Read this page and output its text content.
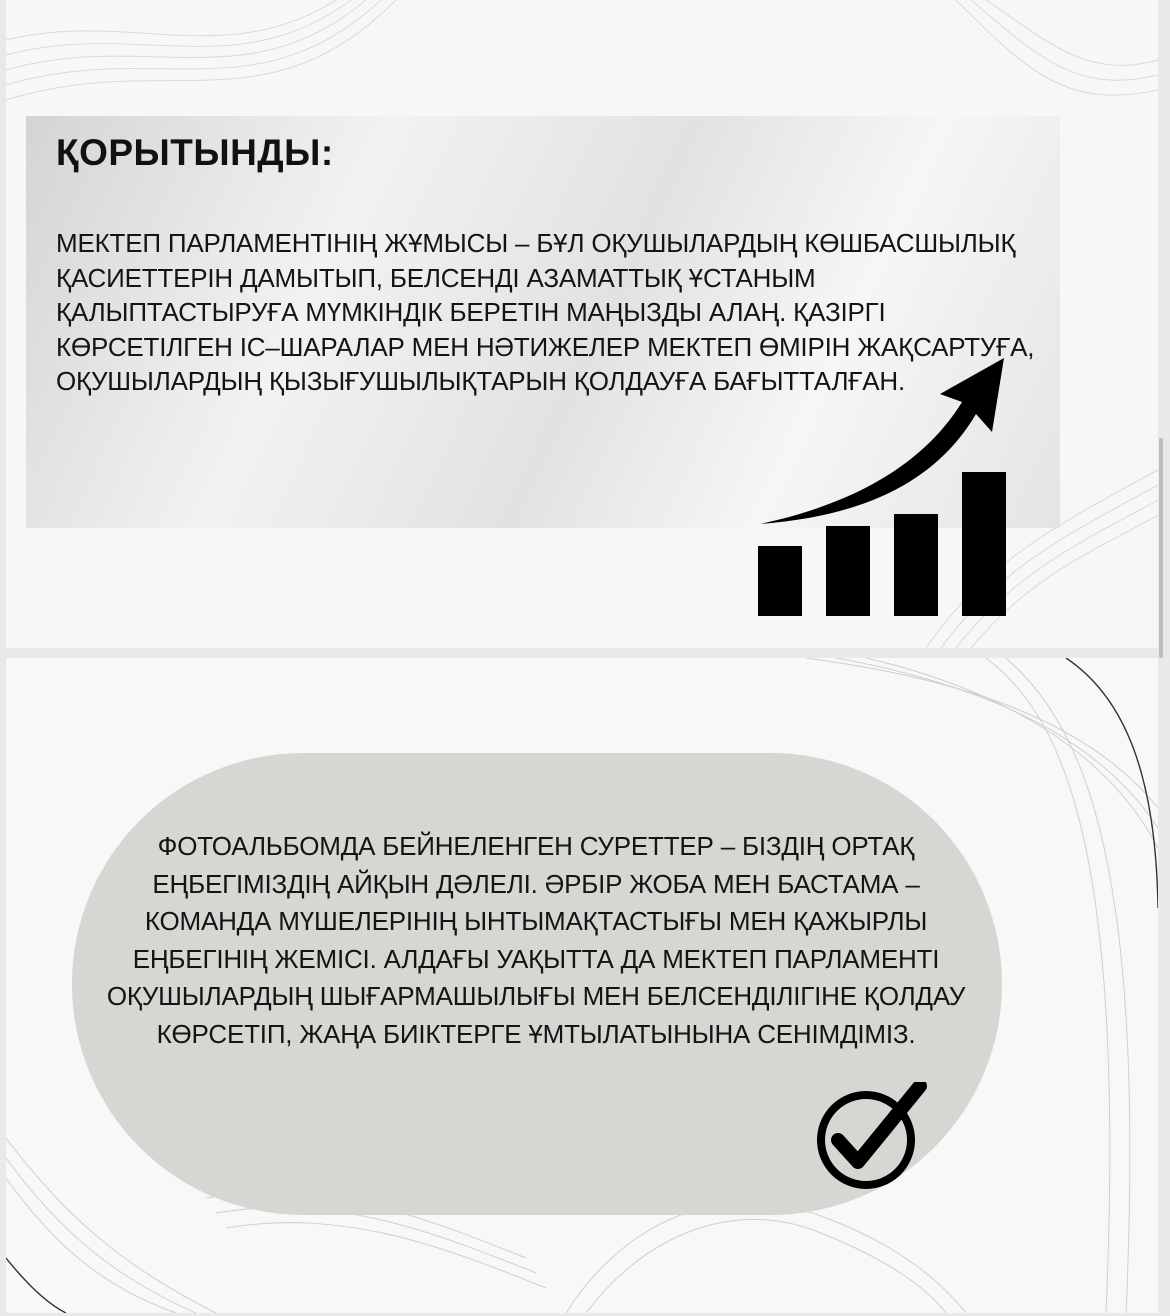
ҚОРЫТЫНДЫ:

МЕКТЕП ПАРЛАМЕНТІНІҢ ЖҰМЫСЫ – БҰЛ ОҚУШЫЛАРДЫҢ КӨШБАСШЫЛЫҚ ҚАСИЕТТЕРІН ДАМЫТЫП, БЕЛСЕНДІ АЗАМАТТЫҚ ҰСТАНЫМ ҚАЛЫПТАСТЫРУҒА МҮМКІНДІК БЕРЕТІН МАҢЫЗДЫ АЛАҢ. ҚАЗІРГІ КӨРСЕТІЛГЕН ІС–ШАРАЛАР МЕН НӘТИЖЕЛЕР МЕКТЕП ӨМІРІН ЖАҚСАРТУҒА, ОҚУШЫЛАРДЫҢ ҚЫЗЫҒУШЫЛЫҚТАРЫН ҚОЛДАУҒА БАҒЫТТАЛҒАН.

ФОТОАЛЬБОМДА БЕЙНЕЛЕНГЕН СУРЕТТЕР – БІЗДІҢ ОРТАҚ ЕҢБЕГІМІЗДІҢ АЙҚЫН ДӘЛЕЛІ. ӘРБІР ЖОБА МЕН БАСТАМА – КОМАНДА МҮШЕЛЕРІНІҢ ЫНТЫМАҚТАСТЫҒЫ МЕН ҚАЖЫРЛЫ ЕҢБЕГІНІҢ ЖЕМІСІ. АЛДАҒЫ УАҚЫТТА ДА МЕКТЕП ПАРЛАМЕНТІ ОҚУШЫЛАРДЫҢ ШЫҒАРМАШЫЛЫҒЫ МЕН БЕЛСЕНДІЛІГІНЕ ҚОЛДАУ КӨРСЕТІП, ЖАҢА БИІКТЕРГЕ ҰМТЫЛАТЫНЫНА СЕНІМДІМІЗ.
